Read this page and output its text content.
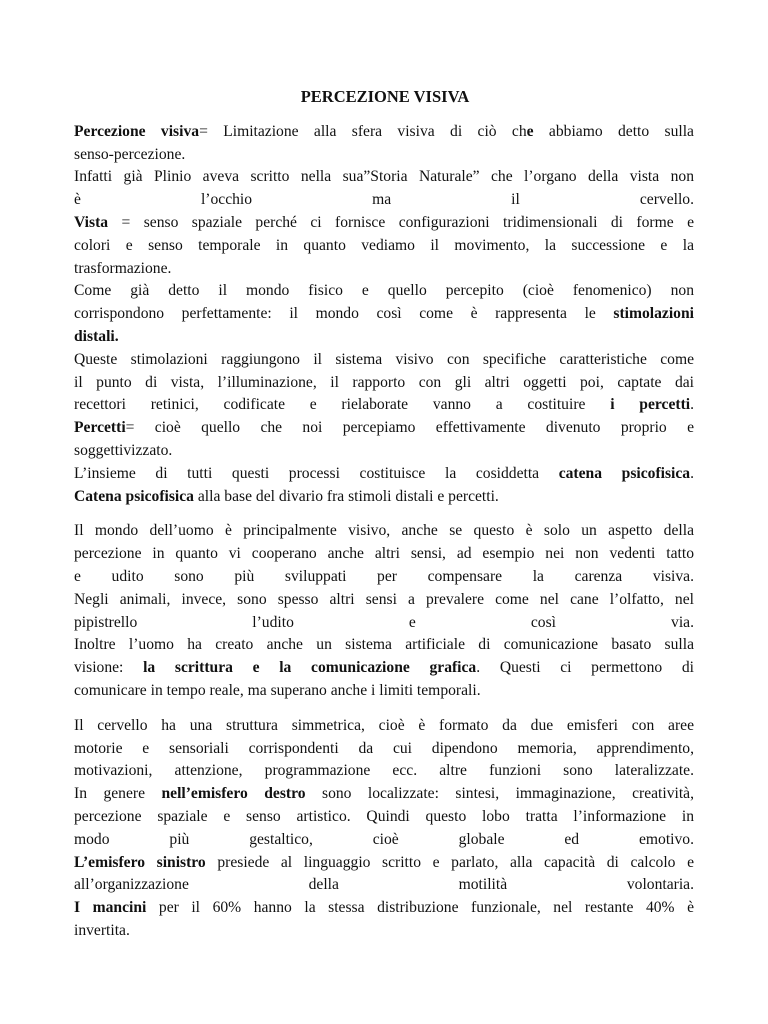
PERCEZIONE VISIVA
Percezione visiva= Limitazione alla sfera visiva di ciò che abbiamo detto sulla
senso-percezione.
Infatti già Plinio aveva scritto nella sua”Storia Naturale” che l’organo della vista non
è l’occhio ma il cervello.
Vista = senso spaziale perché ci fornisce configurazioni tridimensionali di forme e
colori e senso temporale in quanto vediamo il movimento, la successione e la
trasformazione.
Come già detto il mondo fisico e quello percepito (cioè fenomenico) non
corrispondono perfettamente: il mondo così come è rappresenta le stimolazioni
distali.
Queste stimolazioni raggiungono il sistema visivo con specifiche caratteristiche come
il punto di vista, l’illuminazione, il rapporto con gli altri oggetti poi, captate dai
recettori retinici, codificate e rielaborate vanno a costituire i percetti.
Percetti= cioè quello che noi percepiamo effettivamente divenuto proprio e
soggettivizzato.
L’insieme di tutti questi processi costituisce la cosiddetta catena psicofisica.
Catena psicofisica alla base del divario fra stimoli distali e percetti.
Il mondo dell’uomo è principalmente visivo, anche se questo è solo un aspetto della
percezione in quanto vi cooperano anche altri sensi, ad esempio nei non vedenti tatto
e udito sono più sviluppati per compensare la carenza visiva.
Negli animali, invece, sono spesso altri sensi a prevalere come nel cane l’olfatto, nel
pipistrello l’udito e così via.
Inoltre l’uomo ha creato anche un sistema artificiale di comunicazione basato sulla
visione: la scrittura e la comunicazione grafica. Questi ci permettono di
comunicare in tempo reale, ma superano anche i limiti temporali.
Il cervello ha una struttura simmetrica, cioè è formato da due emisferi con aree
motorie e sensoriali corrispondenti da cui dipendono memoria, apprendimento,
motivazioni, attenzione, programmazione ecc. altre funzioni sono lateralizzate.
In genere nell’emisfero destro sono localizzate: sintesi, immaginazione, creatività,
percezione spaziale e senso artistico. Quindi questo lobo tratta l’informazione in
modo più gestaltico, cioè globale ed emotivo.
L’emisfero sinistro presiede al linguaggio scritto e parlato, alla capacità di calcolo e
all’organizzazione della motilità volontaria.
I mancini per il 60% hanno la stessa distribuzione funzionale, nel restante 40% è
invertita.
